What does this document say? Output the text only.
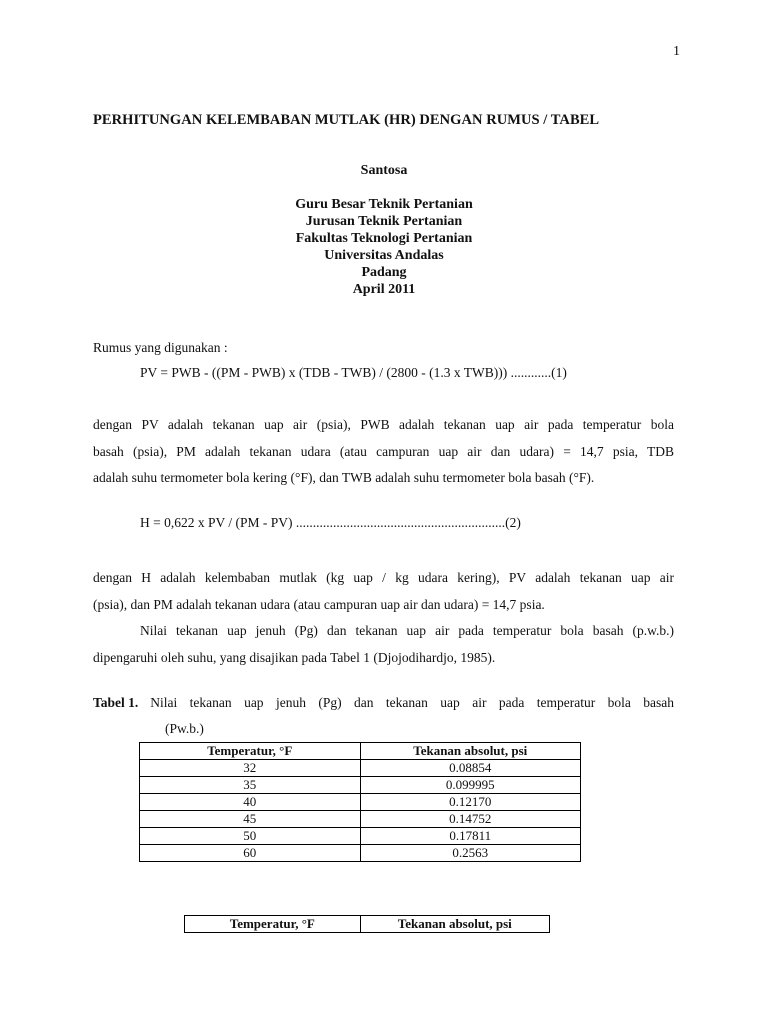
1
PERHITUNGAN KELEMBABAN MUTLAK (HR) DENGAN RUMUS / TABEL
Santosa
Guru Besar Teknik Pertanian
Jurusan Teknik Pertanian
Fakultas Teknologi Pertanian
Universitas Andalas
Padang
April 2011
Rumus yang digunakan :
PV = PWB - ((PM - PWB) x (TDB - TWB) / (2800 - (1.3 x TWB))) ............(1)
dengan PV adalah tekanan uap air (psia), PWB adalah tekanan uap air pada temperatur bola
basah (psia), PM adalah tekanan udara (atau campuran uap air dan udara) = 14,7 psia, TDB
adalah suhu termometer bola kering (°F), dan TWB adalah suhu termometer bola basah (°F).
H = 0,622 x PV / (PM - PV) ..............................................................(2)
dengan H adalah kelembaban mutlak (kg uap / kg udara kering), PV adalah tekanan uap air
(psia), dan PM adalah tekanan udara (atau campuran uap air dan udara) = 14,7 psia.
Nilai tekanan uap jenuh (Pg) dan tekanan uap air pada temperatur bola basah (p.w.b.)
dipengaruhi oleh suhu, yang disajikan pada Tabel 1 (Djojodihardjo, 1985).
Tabel 1. Nilai tekanan uap jenuh (Pg) dan tekanan uap air pada temperatur bola basah
(Pw.b.)
Temperatur, °F	Tekanan absolut, psi
32	0.08854
35	0.099995
40	0.12170
45	0.14752
50	0.17811
60	0.2563
Temperatur, °F	Tekanan absolut, psi
